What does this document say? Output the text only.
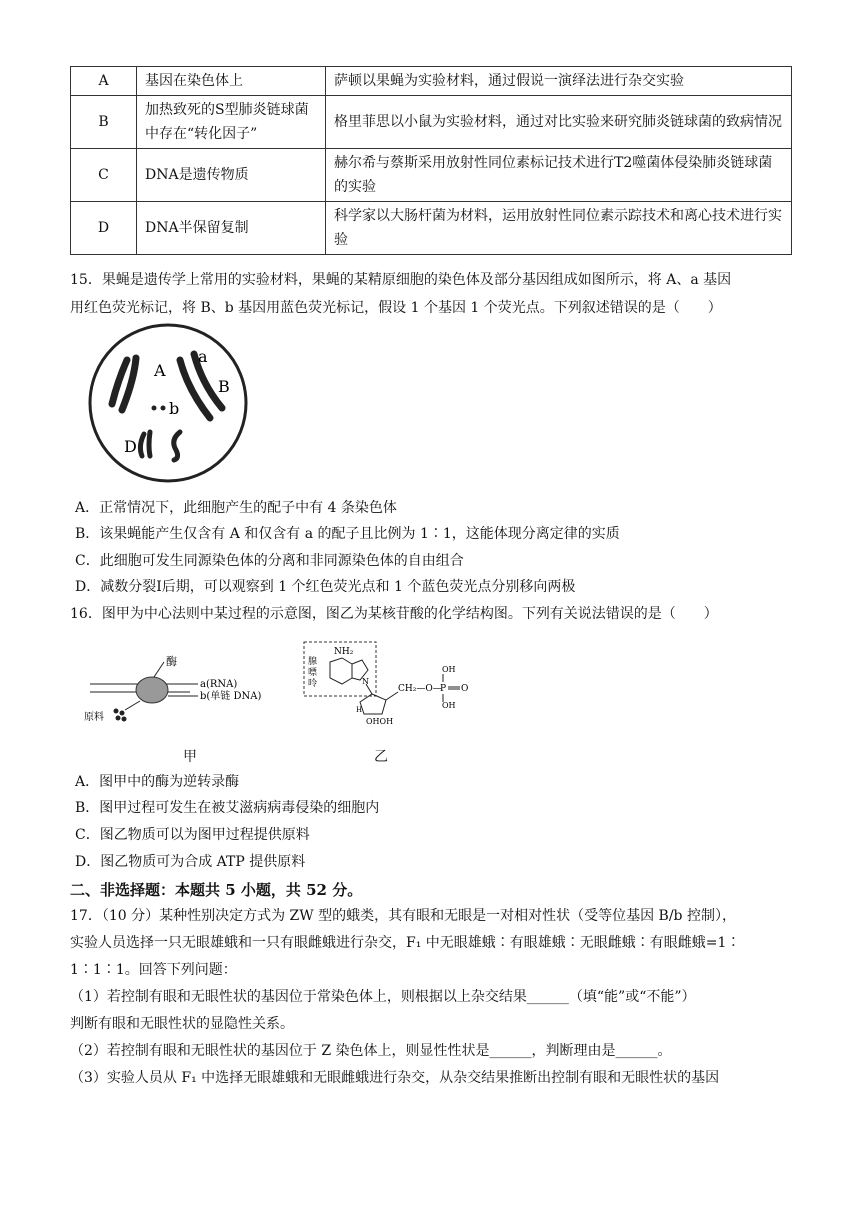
A	基因在染色体上	萨顿以果蝇为实验材料，通过假说一演绎法进行杂交实验
B	加热致死的S型肺炎链球菌中存在“转化因子”	格里菲思以小鼠为实验材料，通过对比实验来研究肺炎链球菌的致病情况
C	DNA是遗传物质	赫尔希与蔡斯采用放射性同位素标记技术进行T2噬菌体侵染肺炎链球菌的实验
D	DNA半保留复制	科学家以大肠杆菌为材料，运用放射性同位素示踪技术和离心技术进行实验
15．果蝇是遗传学上常用的实验材料，果蝇的某精原细胞的染色体及部分基因组成如图所示，将 A、a 基因
用红色荧光标记，将 B、b 基因用蓝色荧光标记，假设 1 个基因 1 个荧光点。下列叙述错误的是（　　）
A
a
B
b
D
A．正常情况下，此细胞产生的配子中有 4 条染色体
B．该果蝇能产生仅含有 A 和仅含有 a 的配子且比例为 1∶1，这能体现分离定律的实质
C．此细胞可发生同源染色体的分离和非同源染色体的自由组合
D．减数分裂Ⅰ后期，可以观察到 1 个红色荧光点和 1 个蓝色荧光点分别移向两极
16．图甲为中心法则中某过程的示意图，图乙为某核苷酸的化学结构图。下列有关说法错误的是（　　）
酶
a(RNA)
b(单链 DNA)
原料
甲
NH₂
腺
嘌
呤	N
H
OHOH
CH₂—O—
P
OH
OH
O
乙
A．图甲中的酶为逆转录酶
B．图甲过程可发生在被艾滋病病毒侵染的细胞内
C．图乙物质可以为图甲过程提供原料
D．图乙物质可为合成 ATP 提供原料
二、非选择题：本题共 5 小题，共 52 分。
17．（10 分）某种性别决定方式为 ZW 型的蛾类，其有眼和无眼是一对相对性状（受等位基因 B/b 控制），
实验人员选择一只无眼雄蛾和一只有眼雌蛾进行杂交，F₁ 中无眼雄蛾∶有眼雄蛾∶无眼雌蛾∶有眼雌蛾=1∶
1∶1∶1。回答下列问题：
（1）若控制有眼和无眼性状的基因位于常染色体上，则根据以上杂交结果______（填“能”或“不能”）
判断有眼和无眼性状的显隐性关系。
（2）若控制有眼和无眼性状的基因位于 Z 染色体上，则显性性状是______，判断理由是______。
（3）实验人员从 F₁ 中选择无眼雄蛾和无眼雌蛾进行杂交，从杂交结果推断出控制有眼和无眼性状的基因
